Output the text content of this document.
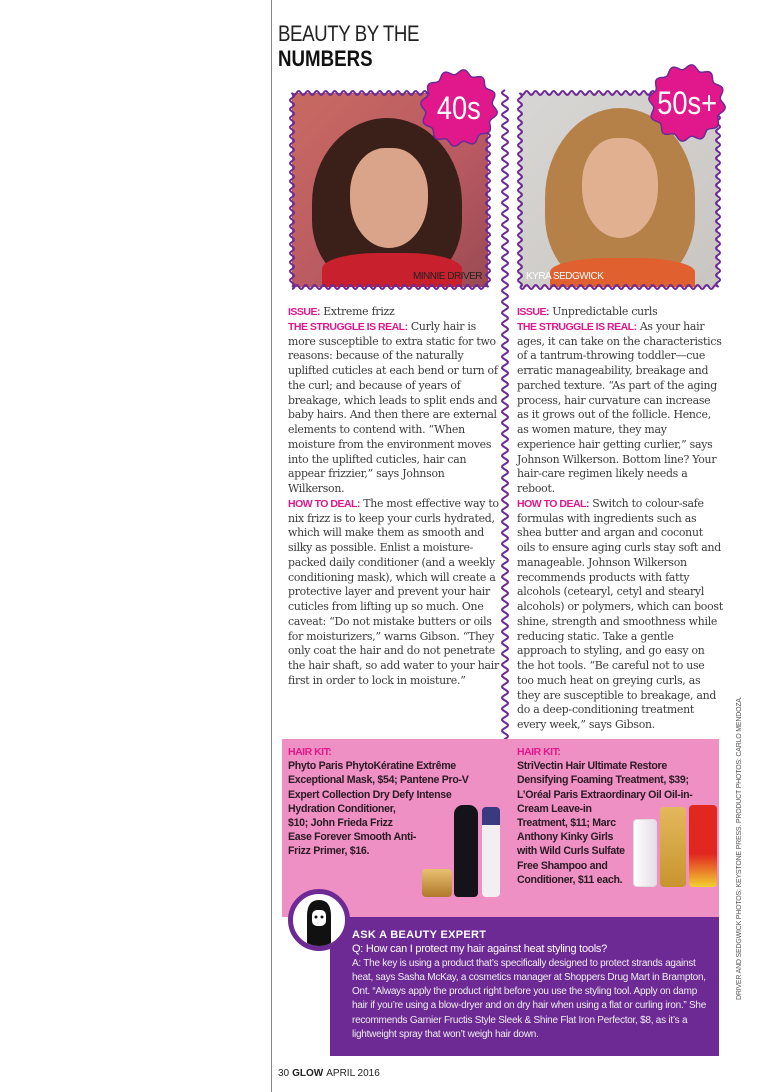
BEAUTY BY THE
NUMBERS
MINNIE DRIVER	KYRA SEDGWICK
40s	50s+
ISSUE: Extreme frizz
THE STRUGGLE IS REAL: Curly hair is more susceptible to extra static for two reasons: because of the naturally uplifted cuticles at each bend or turn of the curl; and because of years of breakage, which leads to split ends and baby hairs. And then there are external elements to contend with. “When moisture from the environment moves into the uplifted cuticles, hair can appear frizzier,” says Johnson Wilkerson.
HOW TO DEAL: The most effective way to nix frizz is to keep your curls hydrated, which will make them as smooth and silky as possible. Enlist a moisture-packed daily conditioner (and a weekly conditioning mask), which will create a protective layer and prevent your hair cuticles from lifting up so much. One caveat: “Do not mistake butters or oils for moisturizers,” warns Gibson. “They only coat the hair and do not penetrate the hair shaft, so add water to your hair first in order to lock in moisture.”
ISSUE: Unpredictable curls
THE STRUGGLE IS REAL: As your hair ages, it can take on the characteristics of a tantrum-throwing toddler—cue erratic manageability, breakage and parched texture. “As part of the aging process, hair curvature can increase as it grows out of the follicle. Hence, as women mature, they may experience hair getting curlier,” says Johnson Wilkerson. Bottom line? Your hair-care regimen likely needs a reboot.
HOW TO DEAL: Switch to colour-safe formulas with ingredients such as shea butter and argan and coconut oils to ensure aging curls stay soft and manageable. Johnson Wilkerson recommends products with fatty alcohols (cetearyl, cetyl and stearyl alcohols) or polymers, which can boost shine, strength and smoothness while reducing static. Take a gentle approach to styling, and go easy on the hot tools. “Be careful not to use too much heat on greying curls, as they are susceptible to breakage, and do a deep-conditioning treatment every week,” says Gibson.
HAIR KIT:
Phyto Paris PhytoKératine Extrême Exceptional Mask, $54; Pantene Pro-V Expert Collection Dry Defy Intense Hydration Conditioner, $10; John Frieda Frizz Ease Forever Smooth Anti-Frizz Primer, $16.
HAIR KIT:
StriVectin Hair Ultimate Restore Densifying Foaming Treatment, $39; L’Oréal Paris Extraordinary Oil Oil-in-Cream Leave-in Treatment, $11; Marc Anthony Kinky Girls with Wild Curls Sulfate Free Shampoo and Conditioner, $11 each.
ASK A BEAUTY EXPERT
Q: How can I protect my hair against heat styling tools?
A: The key is using a product that’s specifically designed to protect strands against heat, says Sasha McKay, a cosmetics manager at Shoppers Drug Mart in Brampton, Ont. “Always apply the product right before you use the styling tool. Apply on damp hair if you’re using a blow-dryer and on dry hair when using a flat or curling iron.” She recommends Garnier Fructis Style Sleek & Shine Flat Iron Perfector, $8, as it’s a lightweight spray that won’t weigh hair down.
30 GLOW APRIL 2016
DRIVER AND SEDGWICK PHOTOS: KEYSTONE PRESS. PRODUCT PHOTOS: CARLO MENDOZA.
